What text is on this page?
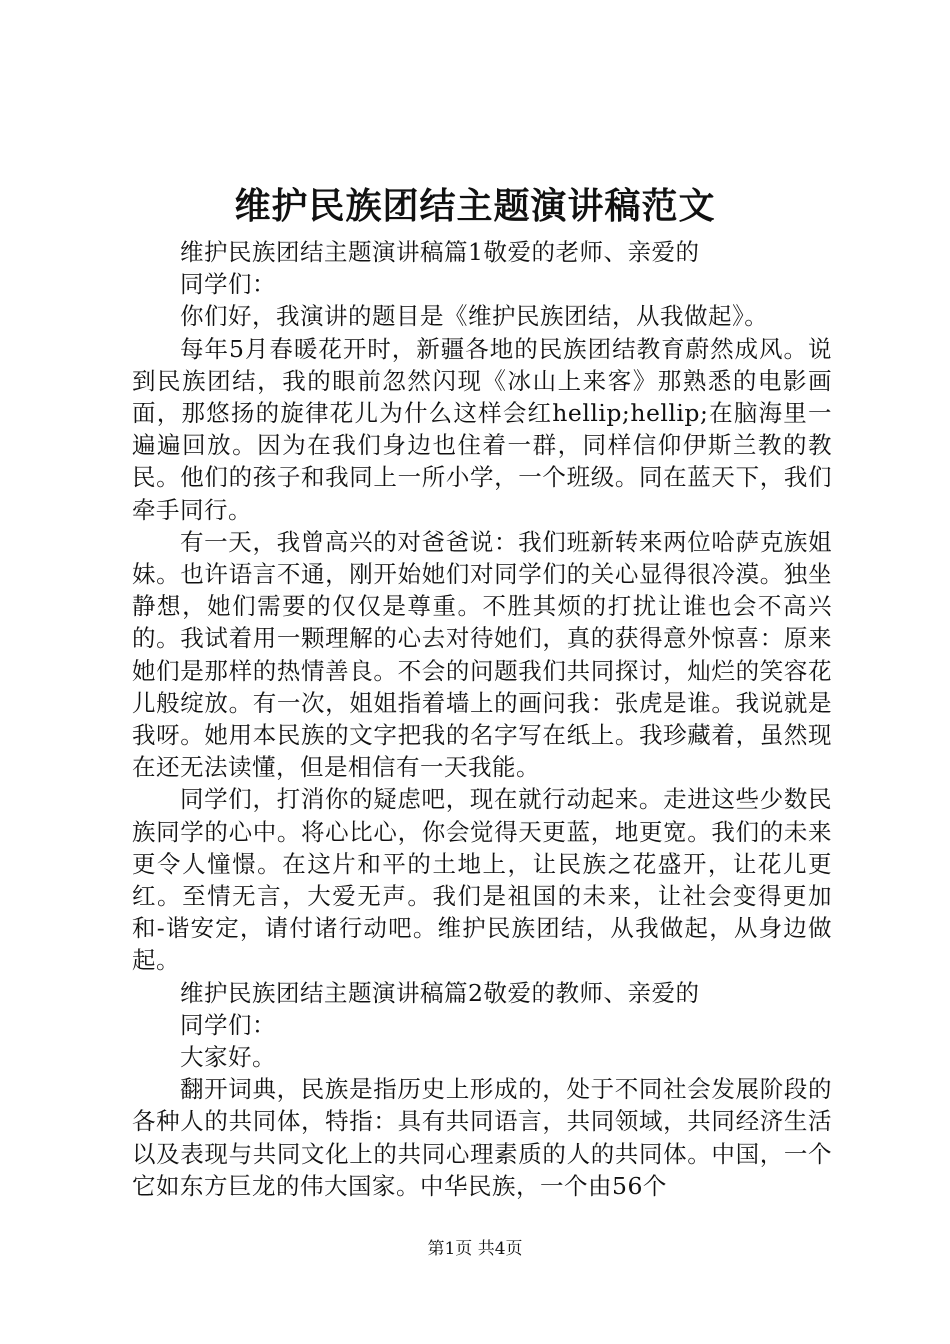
维护民族团结主题演讲稿范文
维护民族团结主题演讲稿篇1敬爱的老师、亲爱的
同学们：
你们好，我演讲的题目是《维护民族团结，从我做起》。

每年5月春暖花开时，新疆各地的民族团结教育蔚然成风。说到民族团结，我的眼前忽然闪现《冰山上来客》那熟悉的电影画面，那悠扬的旋律花儿为什么这样会红hellip;hellip;在脑海里一遍遍回放。因为在我们身边也住着一群，同样信仰伊斯兰教的教民。他们的孩子和我同上一所小学，一个班级。同在蓝天下，我们牵手同行。

有一天，我曾高兴的对爸爸说：我们班新转来两位哈萨克族姐妹。也许语言不通，刚开始她们对同学们的关心显得很冷漠。独坐静想，她们需要的仅仅是尊重。不胜其烦的打扰让谁也会不高兴的。我试着用一颗理解的心去对待她们，真的获得意外惊喜：原来她们是那样的热情善良。不会的问题我们共同探讨，灿烂的笑容花儿般绽放。有一次，姐姐指着墙上的画问我：张虎是谁。我说就是我呀。她用本民族的文字把我的名字写在纸上。我珍藏着，虽然现在还无法读懂，但是相信有一天我能。

同学们，打消你的疑虑吧，现在就行动起来。走进这些少数民族同学的心中。将心比心，你会觉得天更蓝，地更宽。我们的未来更令人憧憬。在这片和平的土地上，让民族之花盛开，让花儿更红。至情无言，大爱无声。我们是祖国的未来，让社会变得更加和-谐安定，请付诸行动吧。维护民族团结，从我做起，从身边做起。

维护民族团结主题演讲稿篇2敬爱的教师、亲爱的
同学们：
大家好。

翻开词典，民族是指历史上形成的，处于不同社会发展阶段的各种人的共同体，特指：具有共同语言，共同领域，共同经济生活以及表现与共同文化上的共同心理素质的人的共同体。中国，一个它如东方巨龙的伟大国家。中华民族，一个由56个

第1页 共4页
